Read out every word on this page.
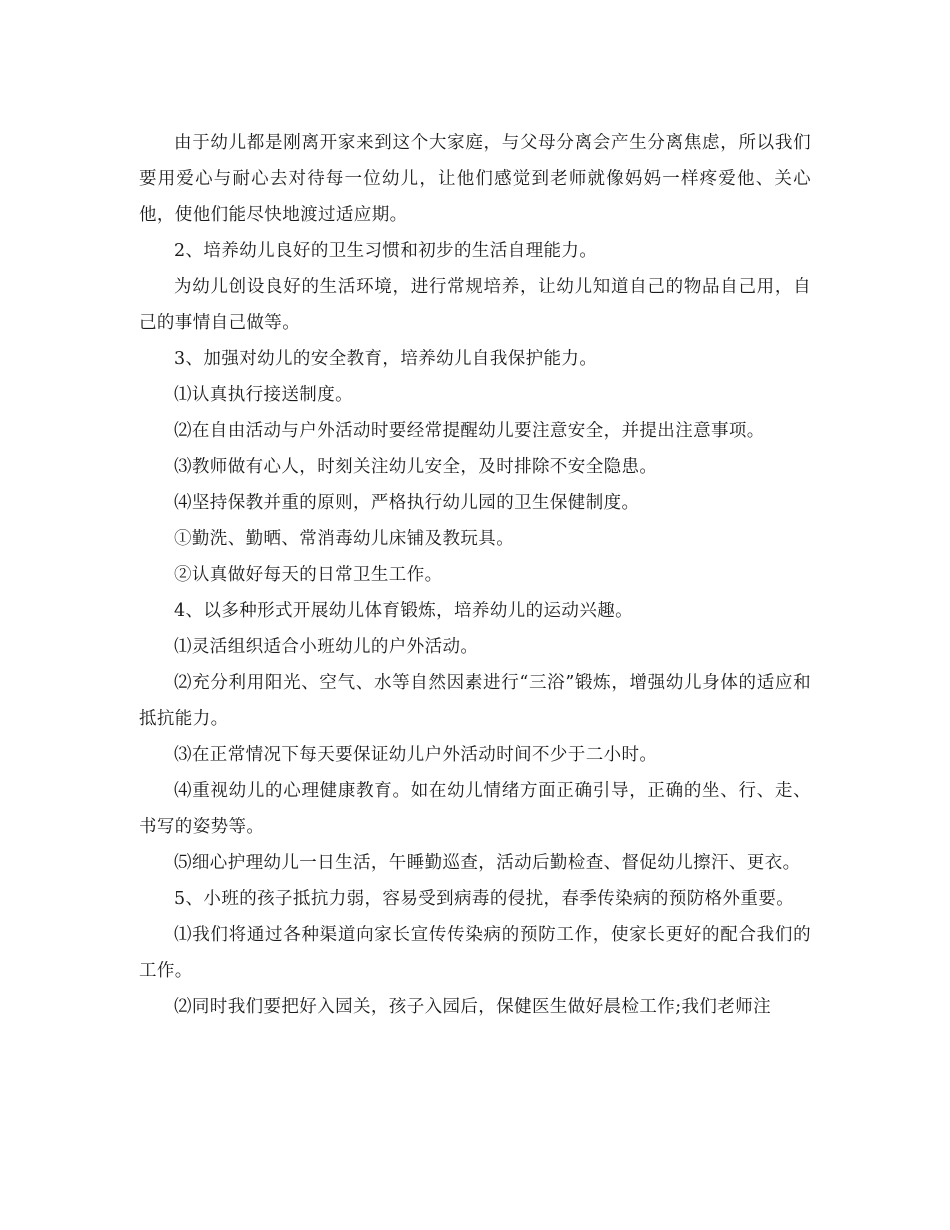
由于幼儿都是刚离开家来到这个大家庭，与父母分离会产生分离焦虑，所以我们要用爱心与耐心去对待每一位幼儿，让他们感觉到老师就像妈妈一样疼爱他、关心他，使他们能尽快地渡过适应期。

2、培养幼儿良好的卫生习惯和初步的生活自理能力。

为幼儿创设良好的生活环境，进行常规培养，让幼儿知道自己的物品自己用，自己的事情自己做等。

3、加强对幼儿的安全教育，培养幼儿自我保护能力。

⑴认真执行接送制度。

⑵在自由活动与户外活动时要经常提醒幼儿要注意安全，并提出注意事项。

⑶教师做有心人，时刻关注幼儿安全，及时排除不安全隐患。

⑷坚持保教并重的原则，严格执行幼儿园的卫生保健制度。

①勤洗、勤晒、常消毒幼儿床铺及教玩具。

②认真做好每天的日常卫生工作。

4、以多种形式开展幼儿体育锻炼，培养幼儿的运动兴趣。

⑴灵活组织适合小班幼儿的户外活动。

⑵充分利用阳光、空气、水等自然因素进行“三浴”锻炼，增强幼儿身体的适应和抵抗能力。

⑶在正常情况下每天要保证幼儿户外活动时间不少于二小时。

⑷重视幼儿的心理健康教育。如在幼儿情绪方面正确引导，正确的坐、行、走、书写的姿势等。

⑸细心护理幼儿一日生活，午睡勤巡查，活动后勤检查、督促幼儿擦汗、更衣。

5、小班的孩子抵抗力弱，容易受到病毒的侵扰，春季传染病的预防格外重要。

⑴我们将通过各种渠道向家长宣传传染病的预防工作，使家长更好的配合我们的工作。

⑵同时我们要把好入园关，孩子入园后，保健医生做好晨检工作;我们老师注
